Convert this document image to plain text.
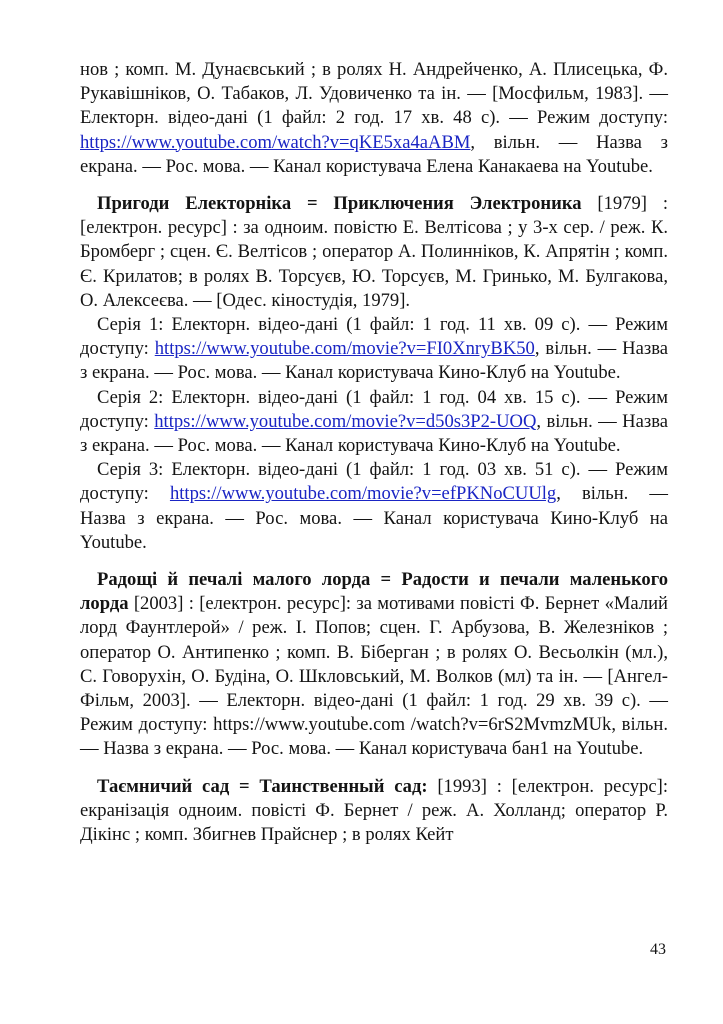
нов ; комп. М. Дунаєвський ; в ролях Н. Андрейченко, А. Плисецька, Ф. Рукавішніков, О. Табаков, Л. Удовиченко та ін. — [Мосфильм, 1983]. — Електорн. відео-дані (1 файл: 2 год. 17 хв. 48 с). — Режим доступу: https://www.youtube.com/watch?v=qKE5xa4aABM, вільн. — Назва з екрана. — Рос. мова. — Канал користувача Елена Канакаева на Youtube.

Пригоди Електорніка = Приключения Электроника [1979] : [електрон. ресурс] : за одноим. повістю Е. Велтісова ; у 3-х сер. / реж. К. Бромберг ; сцен. Є. Велтісов ; оператор А. Полинніков, К. Апрятін ; комп. Є. Крилатов; в ролях В. Торсуєв, Ю. Торсуєв, М. Гринько, М. Булгакова, О. Алексеєва. — [Одес. кіностудія, 1979].

Серія 1: Електорн. відео-дані (1 файл: 1 год. 11 хв. 09 с). — Режим доступу: https://www.youtube.com/movie?v=FI0XnryBK50, вільн. — Назва з екрана. — Рос. мова. — Канал користувача Кино-Клуб на Youtube.

Серія 2: Електорн. відео-дані (1 файл: 1 год. 04 хв. 15 с). — Режим доступу: https://www.youtube.com/movie?v=d50s3P2-UOQ, вільн. — Назва з екрана. — Рос. мова. — Канал користувача Кино-Клуб на Youtube.

Серія 3: Електорн. відео-дані (1 файл: 1 год. 03 хв. 51 с). — Режим доступу: https://www.youtube.com/movie?v=efPKNoCUUlg, вільн. — Назва з екрана. — Рос. мова. — Канал користувача Кино-Клуб на Youtube.

Радощі й печалі малого лорда = Радости и печали маленького лорда [2003] : [електрон. ресурс]: за мотивами повісті Ф. Бернет «Малий лорд Фаунтлерой» / реж. І. Попов; сцен. Г. Арбузова, В. Железніков ; оператор О. Антипенко ; комп. В. Біберган ; в ролях О. Весьолкін (мл.), С. Говорухін, О. Будіна, О. Шкловський, М. Волков (мл) та ін. — [Ангел-Фільм, 2003]. — Електорн. відео-дані (1 файл: 1 год. 29 хв. 39 с). — Режим доступу: https://www.youtube.com /watch?v=6rS2MvmzMUk, вільн. — Назва з екрана. — Рос. мова. — Канал користувача бан1 на Youtube.

Таємничий сад = Таинственный сад: [1993] : [електрон. ресурс]: екранізація одноим. повісті Ф. Бернет / реж. А. Холланд; оператор Р. Дікінс ; комп. Збигнев Прайснер ; в ролях Кейт

43
